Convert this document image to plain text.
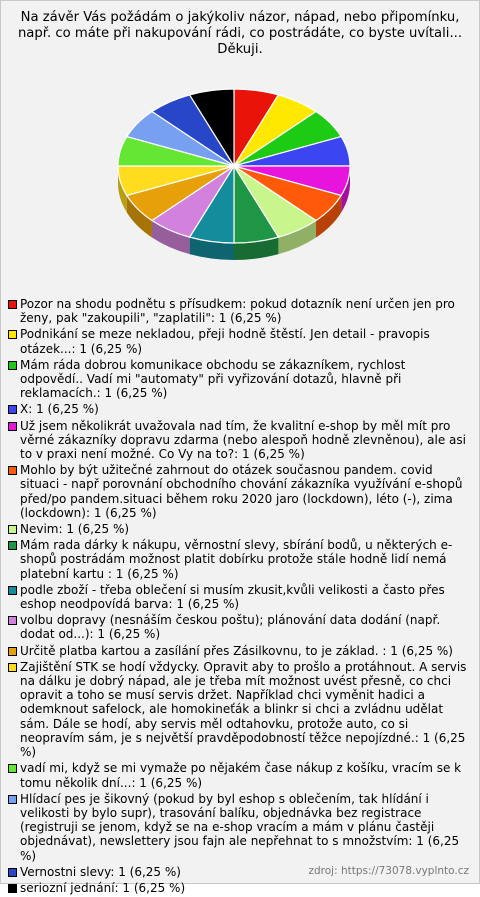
Na závěr Vás požádám o jakýkoliv názor, nápad, nebo připomínku, např. co máte při nakupování rádi, co postrádáte, co byste uvítali... Děkuji.
Pozor na shodu podnětu s přísudkem: pokud dotazník není určen jen pro ženy, pak "zakoupili", "zaplatili": 1 (6,25 %)
Podnikání se meze nekladou, přeji hodně štěstí. Jen detail - pravopis otázek...: 1 (6,25 %)
Mám ráda dobrou komunikace obchodu se zákazníkem, rychlost odpovědí.. Vadí mi "automaty" při vyřizování dotazů, hlavně při reklamacích.: 1 (6,25 %)
X: 1 (6,25 %)
Už jsem několikrát uvažovala nad tím, že kvalitní e-shop by měl mít pro věrné zákazníky dopravu zdarma (nebo alespoň hodně zlevněnou), ale asi to v praxi není možné. Co Vy na to?: 1 (6,25 %)
Mohlo by být užitečné zahrnout do otázek současnou pandem. covid situaci - např porovnání obchodního chování zákazníka využívání e-shopů před/po pandem.situaci během roku 2020 jaro (lockdown), léto (-), zima (lockdown): 1 (6,25 %)
Nevim: 1 (6,25 %)
Mám rada dárky k nákupu, věrnostní slevy, sbírání bodů, u některých e-shopů postrádám možnost platit dobírku protože stále hodně lidí nemá platební kartu : 1 (6,25 %)
podle zboží - třeba oblečení si musím zkusit,kvůli velikosti a často přes eshop neodpovídá barva: 1 (6,25 %)
volbu dopravy (nesnáším českou poštu); plánování data dodání (např. dodat od...): 1 (6,25 %)
Určitě platba kartou a zasílání přes Zásilkovnu, to je základ. : 1 (6,25 %)
Zajištění STK se hodí vždycky. Opravit aby to prošlo a protáhnout. A servis na dálku je dobrý nápad, ale je třeba mít možnost uvést přesně, co chci opravit a toho se musí servis držet. Například chci vyměnit hadici a odemknout safelock, ale homokineťák a blinkr si chci a zvládnu udělat sám. Dále se hodí, aby servis měl odtahovku, protože auto, co si neopravím sám, je s největší pravděpodobností těžce nepojízdné.: 1 (6,25 %)
vadí mi, když se mi vymaže po nějakém čase nákup z košíku, vracím se k tomu několik dní...: 1 (6,25 %)
Hlídací pes je šikovný (pokud by byl eshop s oblečením, tak hlídání i velikosti by bylo supr), trasování balíku, objednávka bez registrace (registruji se jenom, když se na e-shop vracím a mám v plánu častěji objednávat), newslettery jsou fajn ale nepřehnat to s množstvím: 1 (6,25 %)
Vernostni slevy: 1 (6,25 %)
seriozní jednání: 1 (6,25 %)
zdroj: https://73078.vyplnto.cz
